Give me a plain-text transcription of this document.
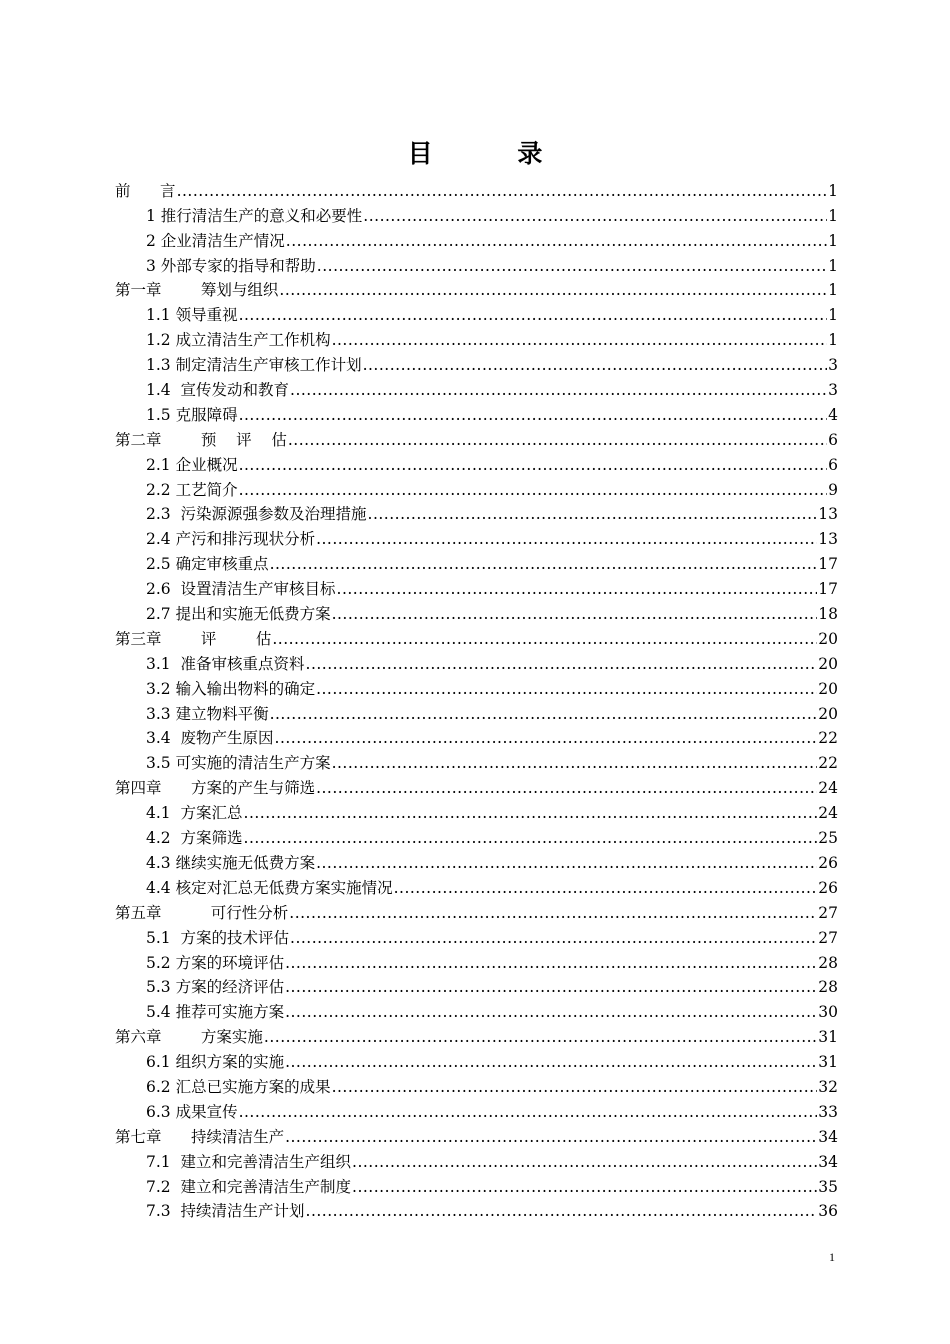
目 录
前      言 .....	1
1 推行清洁生产的意义和必要性 .....	1
2 企业清洁生产情况 .....	1
3 外部专家的指导和帮助 .....	1
第一章        筹划与组织 .....	1
1.1 领导重视 .....	1
1.2 成立清洁生产工作机构 .....	1
1.3 制定清洁生产审核工作计划 .....	3
1.4  宣传发动和教育 .....	3
1.5 克服障碍 .....	4
第二章        预    评    估 .....	6
2.1 企业概况 .....	6
2.2 工艺简介 .....	9
2.3  污染源源强参数及治理措施 .....	13
2.4 产污和排污现状分析 .....	13
2.5 确定审核重点 .....	17
2.6  设置清洁生产审核目标 .....	17
2.7 提出和实施无低费方案 .....	18
第三章        评        估 .....	20
3.1  准备审核重点资料 .....	20
3.2 输入输出物料的确定 .....	20
3.3 建立物料平衡 .....	20
3.4  废物产生原因 .....	22
3.5 可实施的清洁生产方案 .....	22
第四章      方案的产生与筛选 .....	24
4.1  方案汇总 .....	24
4.2  方案筛选 .....	25
4.3 继续实施无低费方案 .....	26
4.4 核定对汇总无低费方案实施情况 .....	26
第五章          可行性分析 .....	27
5.1  方案的技术评估 .....	27
5.2 方案的环境评估 .....	28
5.3 方案的经济评估 .....	28
5.4 推荐可实施方案 .....	30
第六章        方案实施 .....	31
6.1 组织方案的实施 .....	31
6.2 汇总已实施方案的成果 .....	32
6.3 成果宣传 .....	33
第七章      持续清洁生产 .....	34
7.1  建立和完善清洁生产组织 .....	34
7.2  建立和完善清洁生产制度 .....	35
7.3  持续清洁生产计划 .....	36
1
